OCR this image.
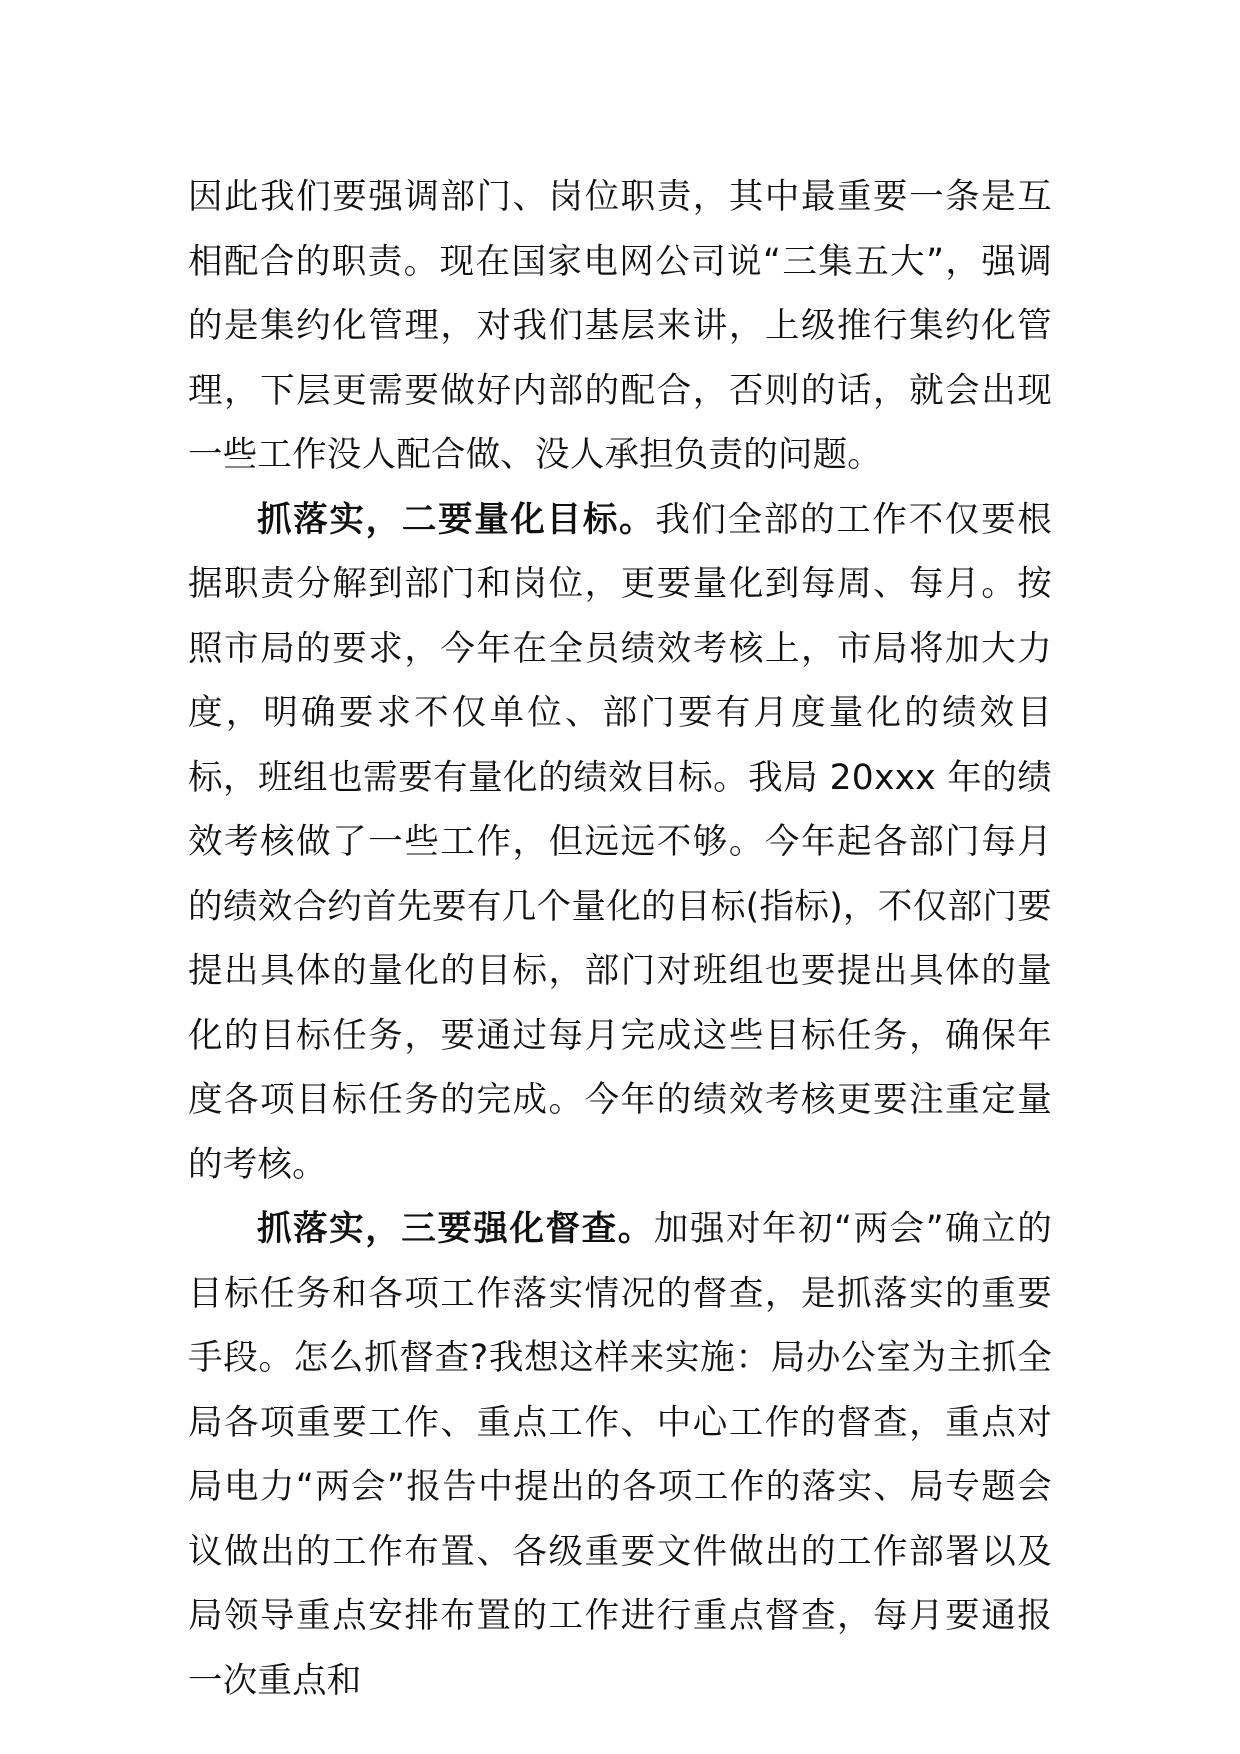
因此我们要强调部门、岗位职责，其中最重要一条是互相配合的职责。现在国家电网公司说“三集五大”，强调的是集约化管理，对我们基层来讲，上级推行集约化管理，下层更需要做好内部的配合，否则的话，就会出现一些工作没人配合做、没人承担负责的问题。

抓落实，二要量化目标。我们全部的工作不仅要根据职责分解到部门和岗位，更要量化到每周、每月。按照市局的要求，今年在全员绩效考核上，市局将加大力度，明确要求不仅单位、部门要有月度量化的绩效目标，班组也需要有量化的绩效目标。我局 20xxx 年的绩效考核做了一些工作，但远远不够。今年起各部门每月的绩效合约首先要有几个量化的目标(指标)，不仅部门要提出具体的量化的目标，部门对班组也要提出具体的量化的目标任务，要通过每月完成这些目标任务，确保年度各项目标任务的完成。今年的绩效考核更要注重定量的考核。

抓落实，三要强化督查。加强对年初“两会”确立的目标任务和各项工作落实情况的督查，是抓落实的重要手段。怎么抓督查?我想这样来实施：局办公室为主抓全局各项重要工作、重点工作、中心工作的督查，重点对局电力“两会”报告中提出的各项工作的落实、局专题会议做出的工作布置、各级重要文件做出的工作部署以及局领导重点安排布置的工作进行重点督查，每月要通报一次重点和
